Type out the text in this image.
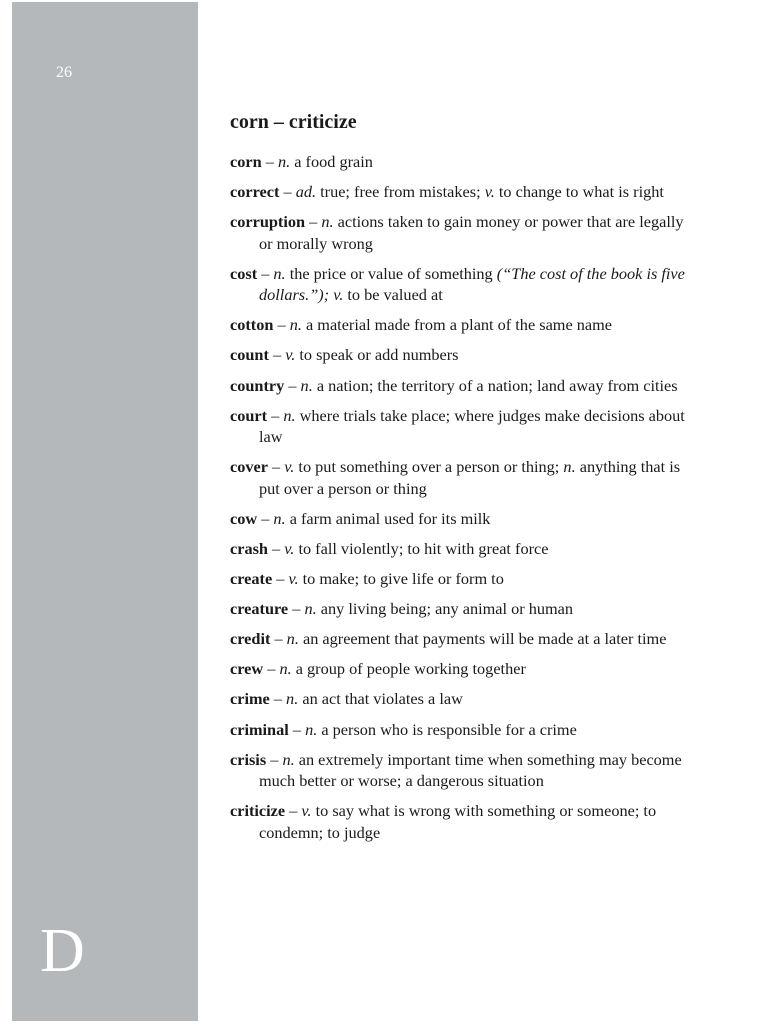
26
D
corn – criticize

corn – n. a food grain

correct – ad. true; free from mistakes; v. to change to what is right

corruption – n. actions taken to gain money or power that are legally or morally wrong

cost – n. the price or value of something (“The cost of the book is five dollars.”); v. to be valued at

cotton – n. a material made from a plant of the same name

count – v. to speak or add numbers

country – n. a nation; the territory of a nation; land away from cities

court – n. where trials take place; where judges make decisions about law

cover – v. to put something over a person or thing; n. anything that is put over a person or thing

cow – n. a farm animal used for its milk

crash – v. to fall violently; to hit with great force

create – v. to make; to give life or form to

creature – n. any living being; any animal or human

credit – n. an agreement that payments will be made at a later time

crew – n. a group of people working together

crime – n. an act that violates a law

criminal – n. a person who is responsible for a crime

crisis – n. an extremely important time when something may become much better or worse; a dangerous situation

criticize – v. to say what is wrong with something or someone; to condemn; to judge
